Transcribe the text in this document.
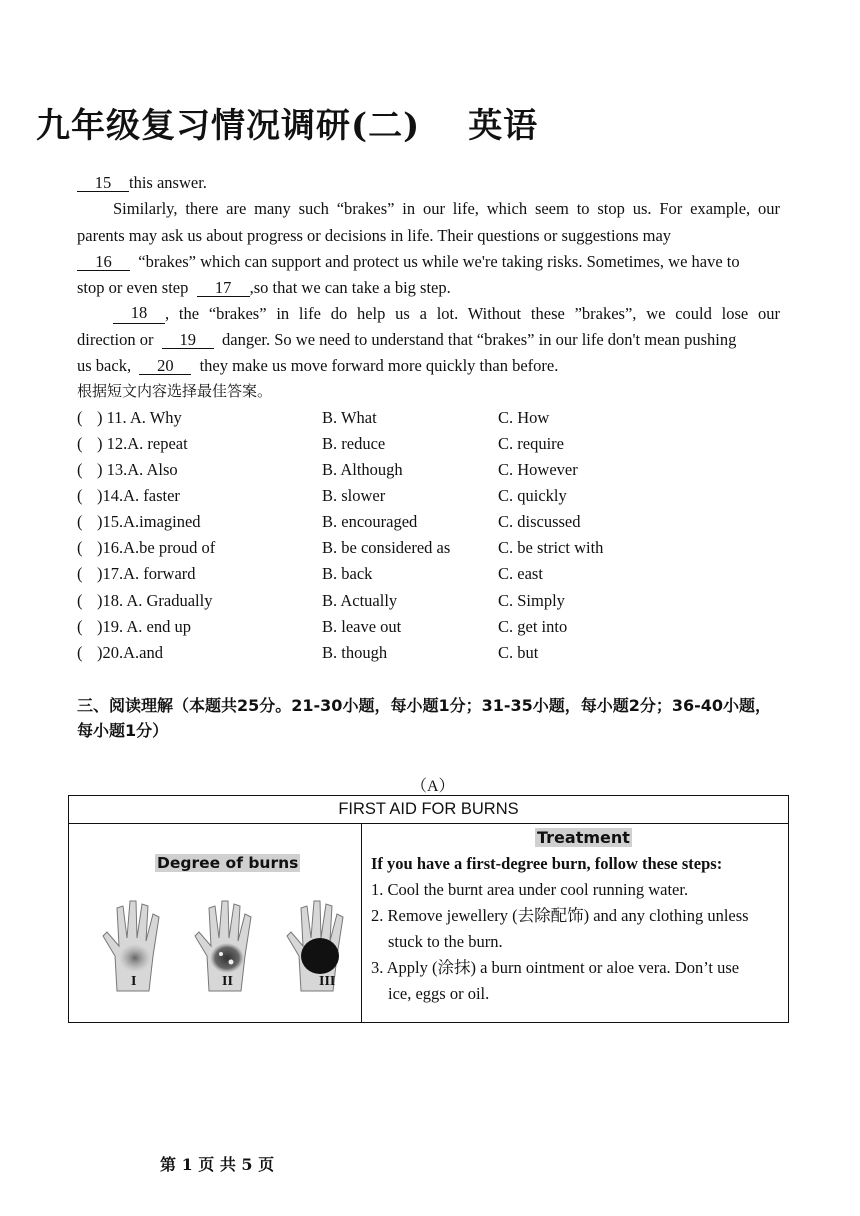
九年级复习情况调研(二) 英语
15 this answer.
Similarly, there are many such “brakes” in our life, which seem to stop us. For example, our
parents may ask us about progress or decisions in life. Their questions or suggestions may
16 “brakes” which can support and protect us while we're taking risks. Sometimes, we have to
stop or even step 17 ,so that we can take a big step.
18	, the “brakes” in life do help us a lot. Without these ”brakes”, we could lose our
direction or 19 danger. So we need to understand that “brakes” in our life don't mean pushing
us back, 20 they make us move forward more quickly than before.
根据短文内容选择最佳答案。
( ) 11. A. Why	B. What	C. How
( ) 12.A. repeat	B. reduce	C. require
( ) 13.A. Also	B. Although	C. However
( )14.A. faster	B. slower	C. quickly
( )15.A.imagined	B. encouraged	C. discussed
( )16.A.be proud of	B. be considered as	C. be strict with
( )17.A. forward	B. back	C. east
( )18. A. Gradually	B. Actually	C. Simply
( )19. A. end up	B. leave out	C. get into
( )20.A.and	B. though	C. but
三、阅读理解（本题共25分。21-30小题，每小题1分；31-35小题，每小题2分；36-40小题，每小题1分）
（A）
FIRST AID FOR BURNS
Degree of burns
I	II	III
Treatment
If you have a first-degree burn, follow these steps:
1. Cool the burnt area under cool running water.
2. Remove jewellery (去除配饰) and any clothing unless
stuck to the burn.
3. Apply (涂抹) a burn ointment or aloe vera. Don’t use
ice, eggs or oil.
第 1 页 共 5 页
